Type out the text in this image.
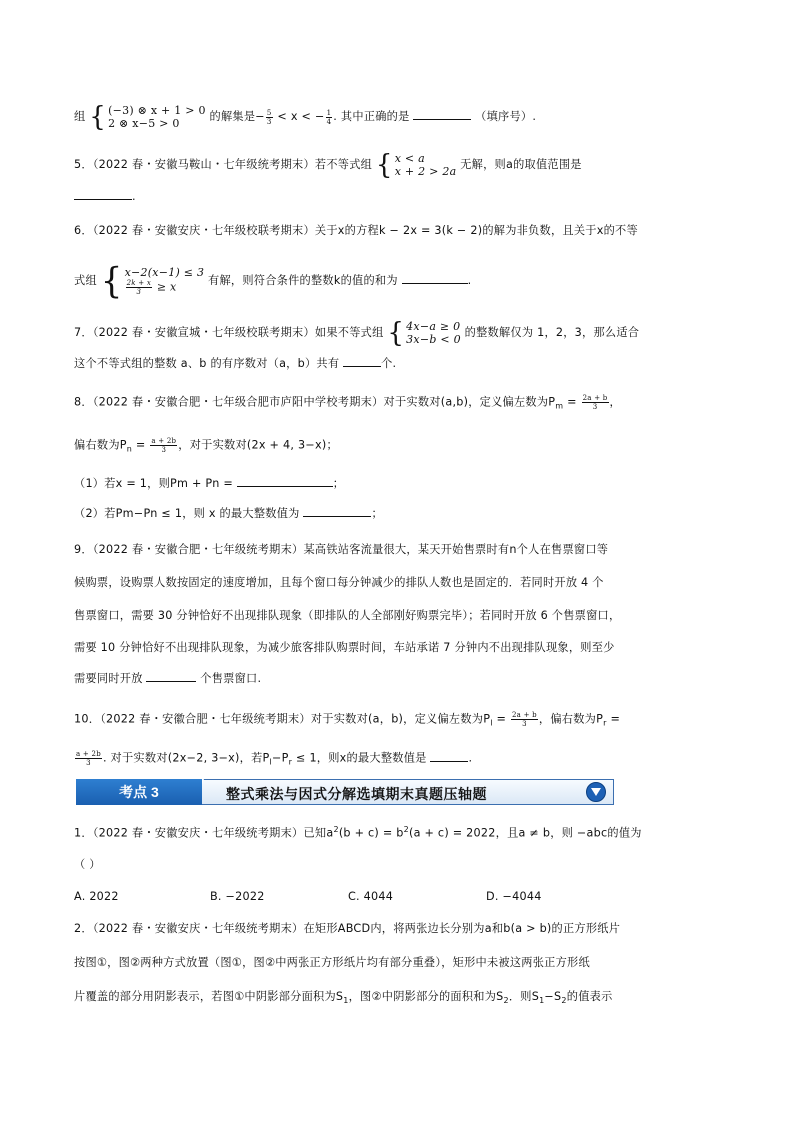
组 { (−3) ⊗ x + 1 > 0
2 ⊗ x−5 > 0
的解集是− $\frac{5}{3} < x$ < − $\frac{1}{4}$ . 其中正确的是	（填序号）.
5．（2022 春・安徽马鞍山・七年级统考期末）若不等式组 { x < a
x + 2 > 2a
无解，则a的取值范围是
.
6．（2022 春・安徽安庆・七年级校联考期末）关于x的方程k − 2x = 3(k − 2)的解为非负数，且关于x的不等
式组 { x−2(x−1) ≤ 3
$\frac{2k + x}{3} \ge x$	有解，则符合条件的整数k的值的和为	.
7．（2022 春・安徽宣城・七年级校联考期末）如果不等式组 { 4x−a ≥ 0
3x−b < 0
的整数解仅为 1，2，3，那么适合
这个不等式组的整数 a、b 的有序数对（a，b）共有	个.
8．（2022 春・安徽合肥・七年级合肥市庐阳中学校考期末）对于实数对(a,b)，定义偏左数为$P_m = \frac{2a + b}{3}$ ，
偏右数为$P_n = \frac{a + 2b}{3}$ ，对于实数对(2x + 4, 3−x)；
（1）若x = 1，则Pm + Pn =	；
（2）若Pm−Pn ≤ 1，则 x 的最大整数值为	；
9．（2022 春・安徽合肥・七年级统考期末）某高铁站客流量很大，某天开始售票时有n个人在售票窗口等
候购票，设购票人数按固定的速度增加，且每个窗口每分钟减少的排队人数也是固定的．若同时开放 4 个
售票窗口，需要 30 分钟恰好不出现排队现象（即排队的人全部刚好购票完毕）；若同时开放 6 个售票窗口，
需要 10 分钟恰好不出现排队现象，为减少旅客排队购票时间，车站承诺 7 分钟内不出现排队现象，则至少
需要同时开放	个售票窗口.
10．（2022 春・安徽合肥・七年级统考期末）对于实数对(a，b)，定义偏左数为$P_l = \frac{2a + b}{3}$ ，偏右数为$P_r$ =
$\frac{a + 2b}{3}$ . 对于实数对(2x−2, 3−x)，若$P_l-P_r \le 1$，则x的最大整数值是	.
考点 3	整式乘法与因式分解选填期末真题压轴题
1．（2022 春・安徽安庆・七年级统考期末）已知$a^2(b + c) = b^2(a + c) = 2022$，且a ≠ b，则 −abc的值为
（ ）
A. 2022	B. −2022	C. 4044	D. −4044
2．（2022 春・安徽安庆・七年级统考期末）在矩形ABCD内，将两张边长分别为a和b(a > b)的正方形纸片
按图①，图②两种方式放置（图①，图②中两张正方形纸片均有部分重叠），矩形中未被这两张正方形纸
片覆盖的部分用阴影表示，若图①中阴影部分面积为$S_1$，图②中阴影部分的面积和为$S_2$．则$S_1-S_2$的值表示
